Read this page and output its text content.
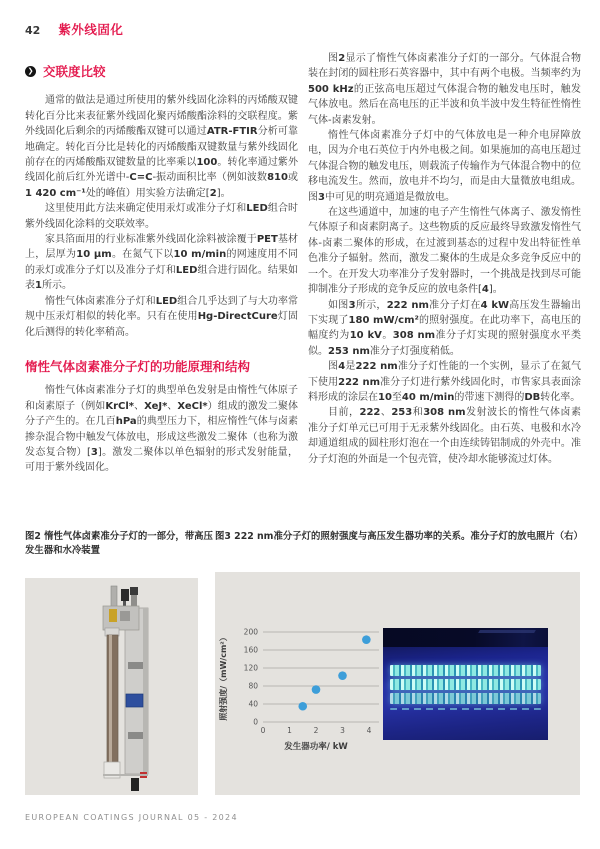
42 紫外线固化
❯ 交联度比较

通常的做法是通过所使用的紫外线固化涂料的丙烯酸双键转化百分比来表征紫外线固化聚丙烯酸酯涂料的交联程度。紫外线固化后剩余的丙烯酸酯双键可以通过ATR-FTIR分析可靠地确定。转化百分比是转化的丙烯酸酯双键数量与紫外线固化前存在的丙烯酸酯双键数量的比率乘以100。转化率通过紫外线固化前后红外光谱中-C=C-振动面积比率（例如波数810或1 420 cm⁻¹处的峰值）用实验方法确定[2]。

这里使用此方法来确定使用汞灯或准分子灯和LED组合时紫外线固化涂料的交联效率。

家具箔面用的行业标准紫外线固化涂料被涂覆于PET基材上，层厚为10 μm。在氮气下以10 m/min的网速度用不同的汞灯或准分子灯以及准分子灯和LED组合进行固化。结果如表1所示。

惰性气体卤素准分子灯和LED组合几乎达到了与大功率常规中压汞灯相似的转化率。只有在使用Hg-DirectCure灯固化后测得的转化率稍高。

惰性气体卤素准分子灯的功能原理和结构

惰性气体卤素准分子灯的典型单色发射是由惰性气体原子和卤素原子（例如KrCl*、XeJ*、XeCl*）组成的激发二聚体分子产生的。在几百hPa的典型压力下，相应惰性气体与卤素掺杂混合物中触发气体放电，形成这些激发二聚体（也称为激发态复合物）[3]。激发二聚体以单色辐射的形式发射能量，可用于紫外线固化。

图2显示了惰性气体卤素准分子灯的一部分。气体混合物装在封闭的圆柱形石英容器中，其中有两个电极。当频率约为500 kHz的正弦高电压超过气体混合物的触发电压时，触发气体放电。然后在高电压的正半波和负半波中发生特征性惰性气体-卤素发射。

惰性气体卤素准分子灯中的气体放电是一种介电屏障放电，因为介电石英位于内外电极之间。如果施加的高电压超过气体混合物的触发电压，则载流子传输作为气体混合物中的位移电流发生。然而，放电并不均匀，而是由大量微放电组成。图3中可见的明亮通道是微放电。

在这些通道中，加速的电子产生惰性气体离子、激发惰性气体原子和卤素阴离子。这些物质的反应最终导致激发惰性气体-卤素二聚体的形成，在过渡到基态的过程中发出特征性单色准分子辐射。然而，激发二聚体的生成是众多竞争反应中的一个。在开发大功率准分子发射器时，一个挑战是找到尽可能抑制准分子形成的竞争反应的放电条件[4]。

如图3所示，222 nm准分子灯在4 kW高压发生器输出下实现了180 mW/cm²的照射强度。在此功率下，高电压的幅度约为10 kV。308 nm准分子灯实现的照射强度水平类似。253 nm准分子灯强度稍低。

图4是222 nm准分子灯性能的一个实例，显示了在氮气下使用222 nm准分子灯进行紫外线固化时，市售家具表面涂料形成的涂层在10至40 m/min的带速下测得的DB转化率。

目前，222、253和308 nm发射波长的惰性气体卤素准分子灯单元已可用于无汞紫外线固化。由石英、电极和水冷却通道组成的圆柱形灯泡在一个由连续铸铝制成的外壳中。准分子灯泡的外面是一个包壳管，使冷却水能够流过灯体。

图2 惰性气体卤素准分子灯的一部分，带高压发生器和水冷装置
图3 222 nm准分子灯的照射强度与高压发生器功率的关系。准分子灯的放电照片（右）
0
40
80
120
160
200
0	1	2	3	4
发生器功率/ kW
照射强度/（mW/cm²）
EUROPEAN COATINGS JOURNAL 05 - 2024
